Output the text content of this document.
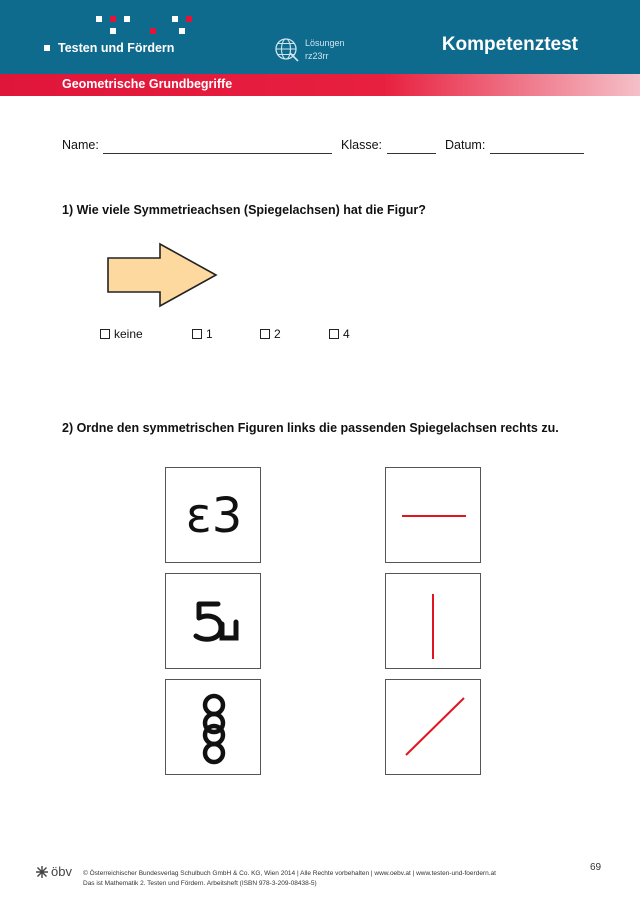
Testen und Fördern	Lösungen
rz23rr
Kompetenztest
Geometrische Grundbegriffe
Name:	Klasse:	Datum:
1) Wie viele Symmetrieachsen (Spiegelachsen) hat die Figur?
keine	1	2	4
2) Ordne den symmetrischen Figuren links die passenden Spiegelachsen rechts zu.
ɛ3
öbv © Österreichischer Bundesverlag Schulbuch GmbH & Co. KG, Wien 2014 | Alle Rechte vorbehalten | www.oebv.at | www.testen-und-foerdern.at
Das ist Mathematik 2. Testen und Fördern. Arbeitsheft (ISBN 978-3-209-08438-5)
69
